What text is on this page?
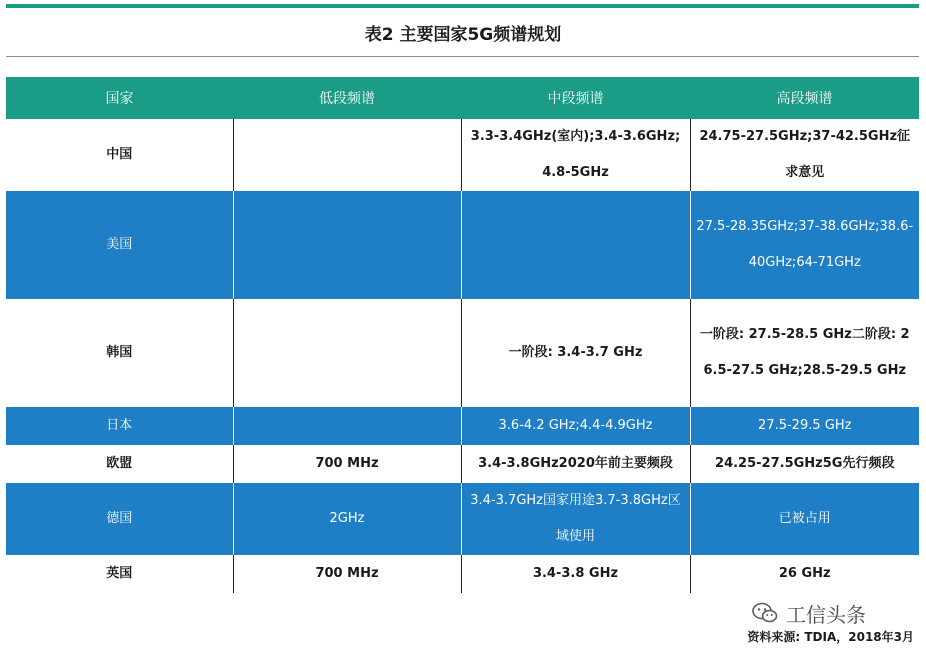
表2 主要国家5G频谱规划
国家	低段频谱	中段频谱	高段频谱
中国		3.3-3.4GHz(室内);3.4-3.6GHz;4.8-5GHz	24.75-27.5GHz;37-42.5GHz征求意见
美国			27.5-28.35GHz;37-38.6GHz;38.6-40GHz;64-71GHz
韩国		一阶段: 3.4-3.7 GHz	一阶段: 27.5-28.5 GHz二阶段: 26.5-27.5 GHz;28.5-29.5 GHz
日本		3.6-4.2 GHz;4.4-4.9GHz	27.5-29.5 GHz
欧盟	700 MHz	3.4-3.8GHz2020年前主要频段	24.25-27.5GHz5G先行频段
德国	2GHz	3.4-3.7GHz国家用途3.7-3.8GHz区域使用	已被占用
英国	700 MHz	3.4-3.8 GHz	26 GHz
工信头条
资料来源: TDIA，2018年3月
